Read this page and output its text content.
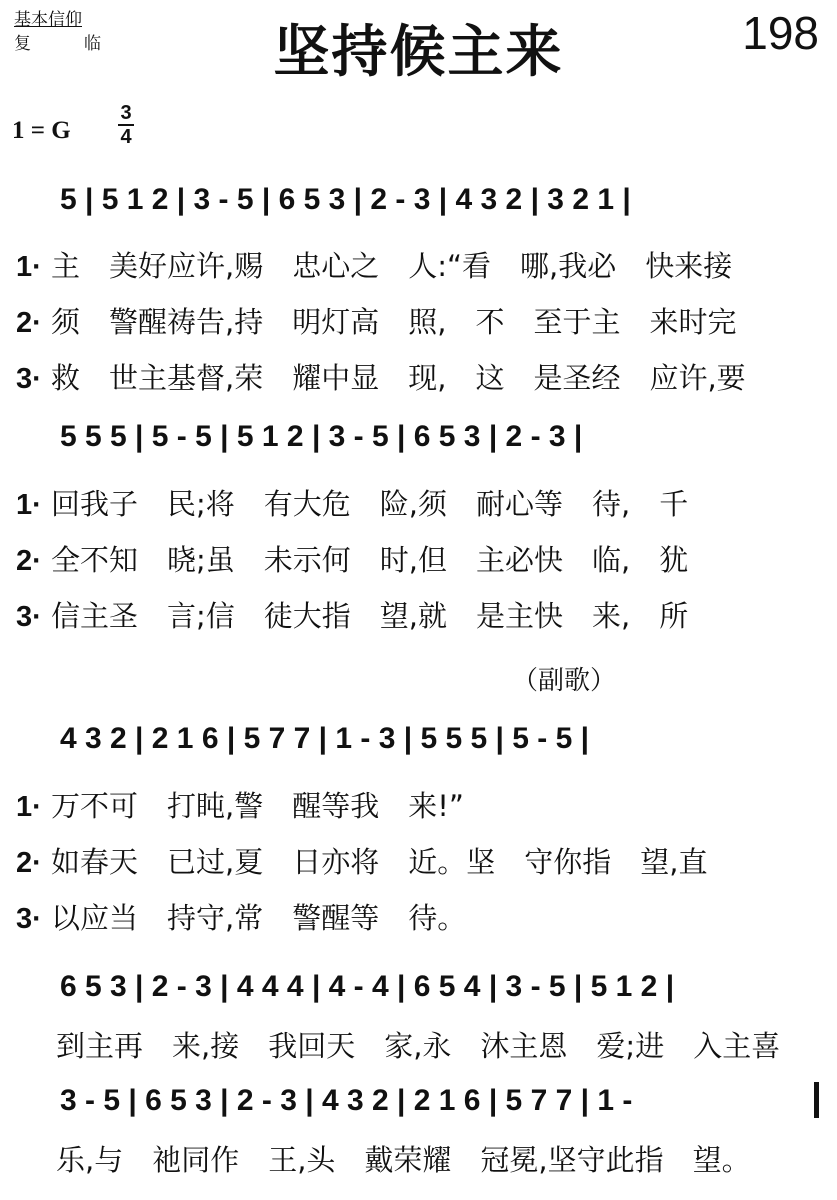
基本信仰
复　临	坚持候主来	198
1 = G
3
4
5 | 5 1 2 | 3 - 5 | 6 5 3 | 2 - 3 | 4 3 2 | 3 2 1 |
1· 主　美好应许,赐　忠心之　人:“看　哪,我必　快来接
2· 须　警醒祷告,持　明灯高　照,　不　至于主　来时完
3· 救　世主基督,荣　耀中显　现,　这　是圣经　应许,要
5 5 5 | 5 - 5 | 5 1 2 | 3 - 5 | 6 5 3 | 2 - 3 |
1· 回我子　民;将　有大危　险,须　耐心等　待,　千
2· 全不知　晓;虽　未示何　时,但　主必快　临,　犹
3· 信主圣　言;信　徒大指　望,就　是主快　来,　所
（副歌）
4 3 2 | 2 1 6 | 5 7 7 | 1 - 3 | 5 5 5 | 5 - 5 |
1· 万不可　打盹,警　醒等我　来!”
2· 如春天　已过,夏　日亦将　近。坚　守你指　望,直
3· 以应当　持守,常　警醒等　待。
6 5 3 | 2 - 3 | 4 4 4 | 4 - 4 | 6 5 4 | 3 - 5 | 5 1 2 |
到主再　来,接　我回天　家,永　沐主恩　爱;进　入主喜
3 - 5 | 6 5 3 | 2 - 3 | 4 3 2 | 2 1 6 | 5 7 7 | 1 -
乐,与　祂同作　王,头　戴荣耀　冠冕,坚守此指　望。
